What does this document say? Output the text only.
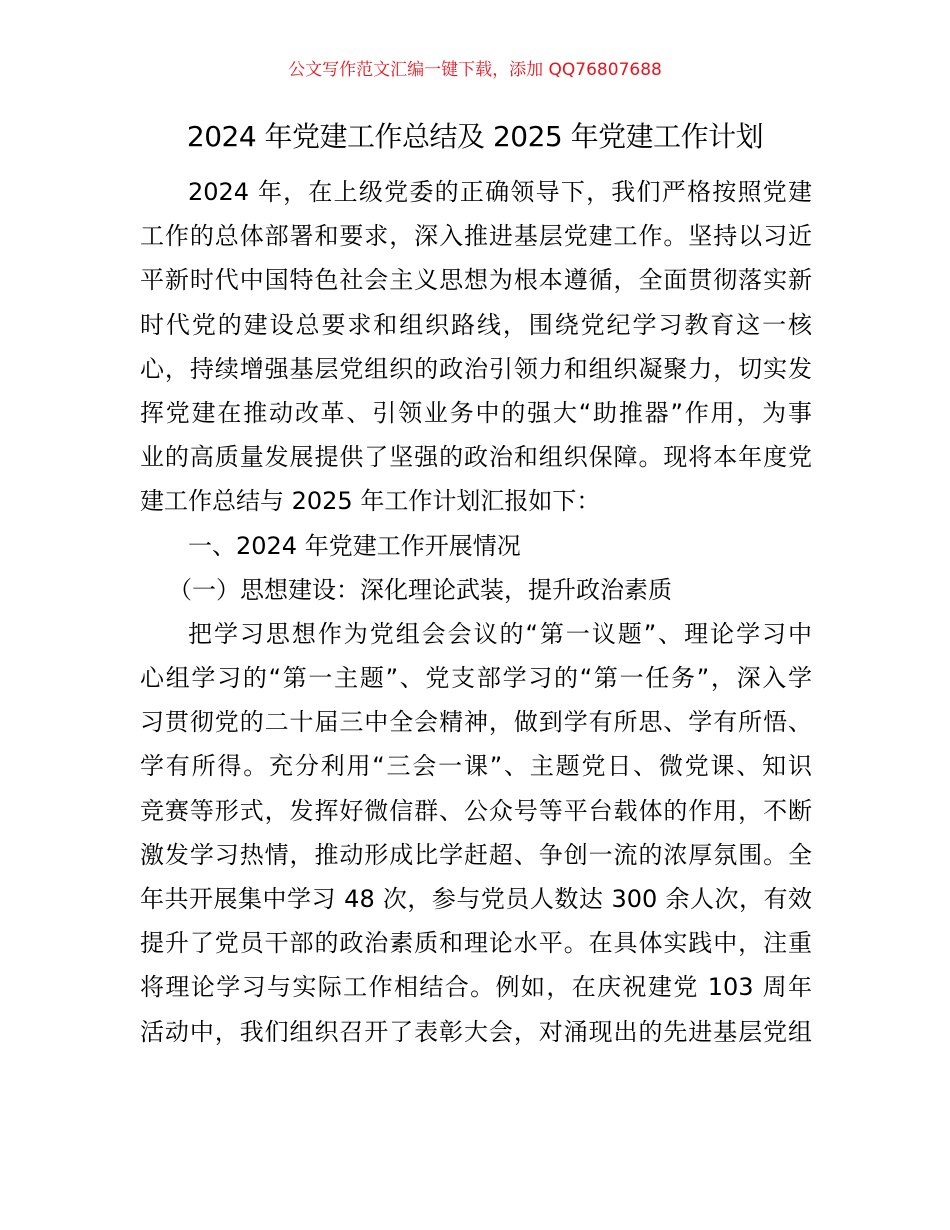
公文写作范文汇编一键下载，添加 QQ76807688
2024 年党建工作总结及 2025 年党建工作计划
2024 年，在上级党委的正确领导下，我们严格按照党建
工作的总体部署和要求，深入推进基层党建工作。坚持以习近
平新时代中国特色社会主义思想为根本遵循，全面贯彻落实新
时代党的建设总要求和组织路线，围绕党纪学习教育这一核
心，持续增强基层党组织的政治引领力和组织凝聚力，切实发
挥党建在推动改革、引领业务中的强大“助推器”作用，为事
业的高质量发展提供了坚强的政治和组织保障。现将本年度党
建工作总结与 2025 年工作计划汇报如下：
一、2024 年党建工作开展情况
（一）思想建设：深化理论武装，提升政治素质
把学习思想作为党组会会议的“第一议题”、理论学习中
心组学习的“第一主题”、党支部学习的“第一任务”，深入学
习贯彻党的二十届三中全会精神，做到学有所思、学有所悟、
学有所得。充分利用“三会一课”、主题党日、微党课、知识
竞赛等形式，发挥好微信群、公众号等平台载体的作用，不断
激发学习热情，推动形成比学赶超、争创一流的浓厚氛围。全
年共开展集中学习 48 次，参与党员人数达 300 余人次，有效
提升了党员干部的政治素质和理论水平。在具体实践中，注重
将理论学习与实际工作相结合。例如，在庆祝建党 103 周年
活动中，我们组织召开了表彰大会，对涌现出的先进基层党组
